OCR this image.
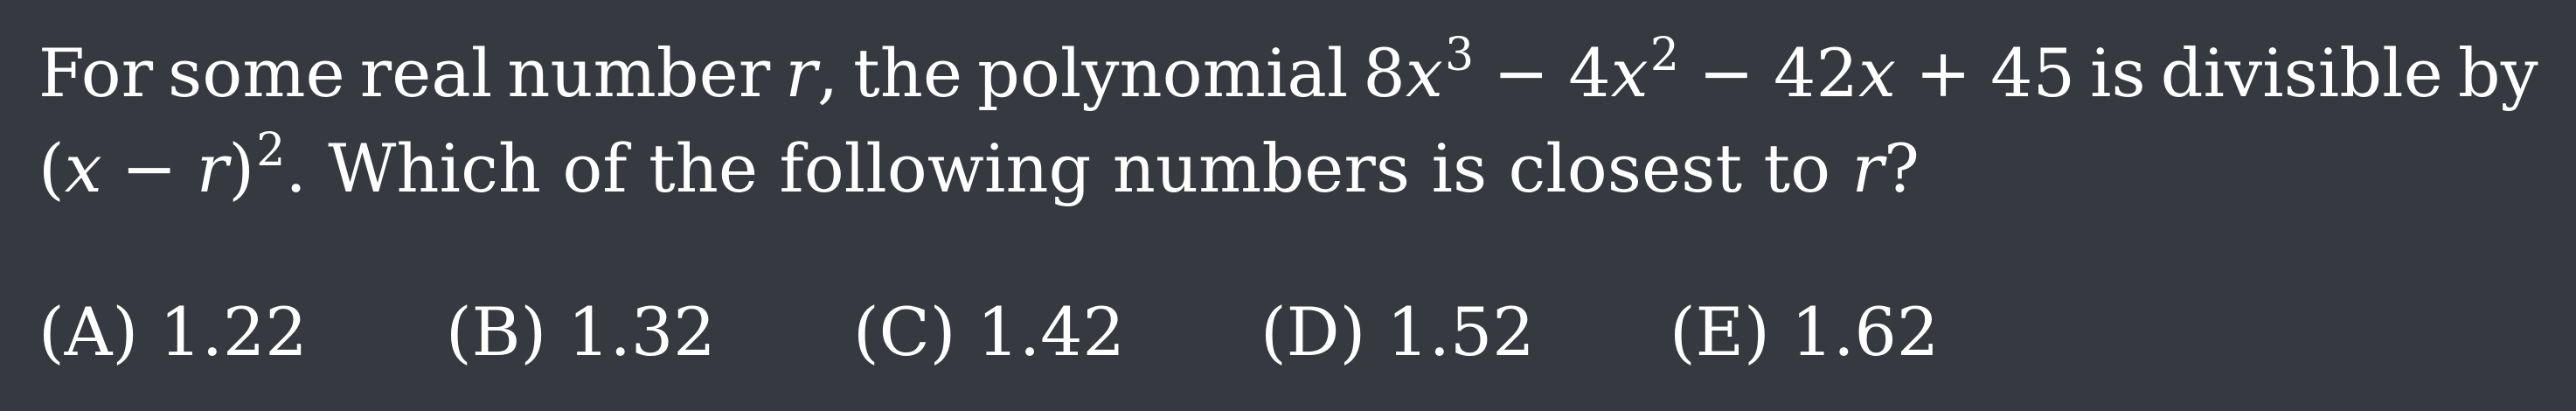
For some real number r, the polynomial $8x^3 - 4x^2 - 42x + 45$ is divisible by
$(x - r)^2$. Which of the following numbers is closest to r?
(A) 1.22 (B) 1.32 (C) 1.42 (D) 1.52 (E) 1.62
